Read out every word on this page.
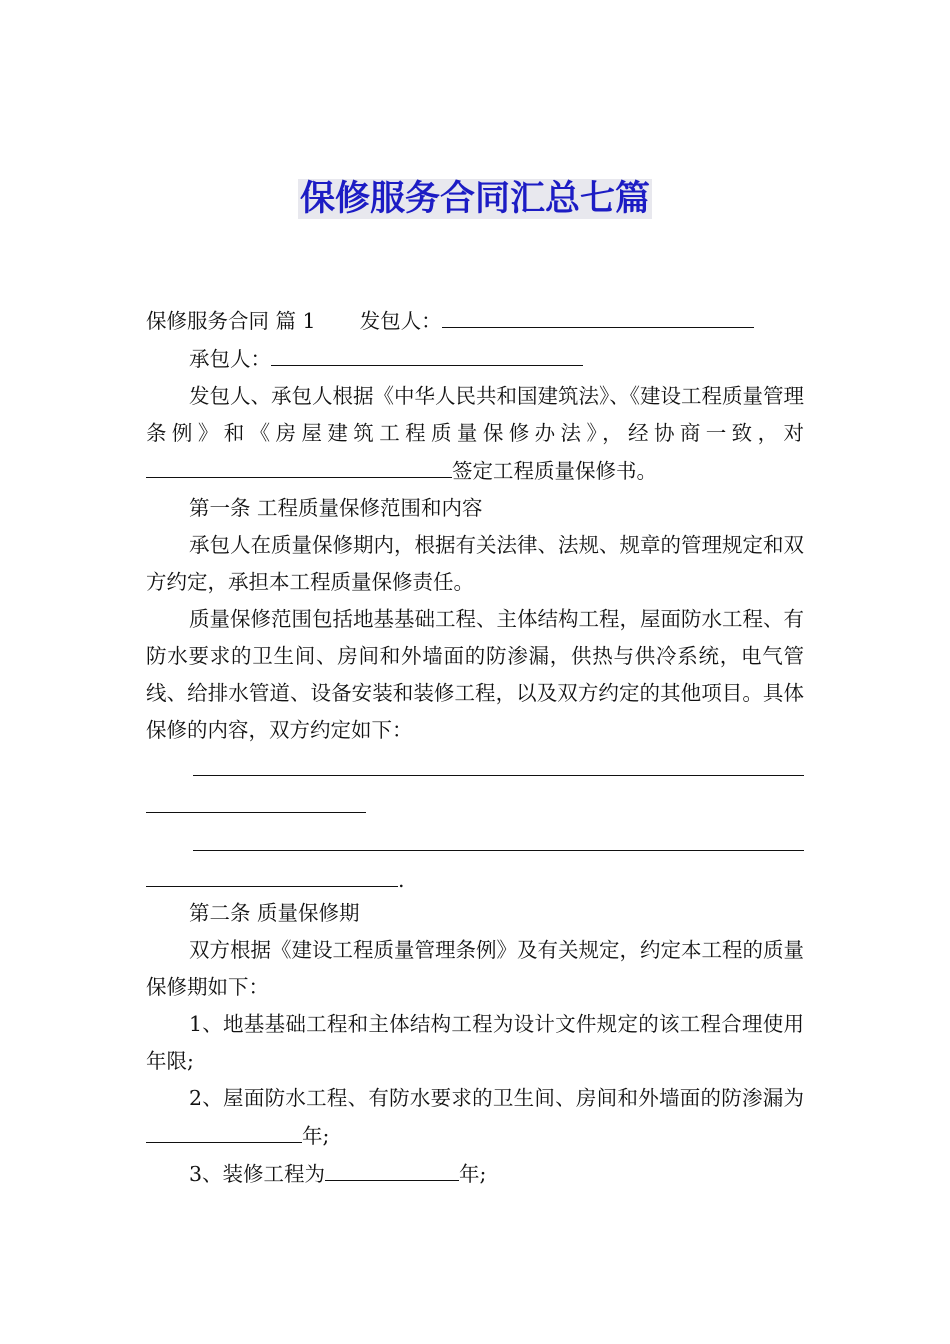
保修服务合同汇总七篇

保修服务合同 篇 1 发包人：

承包人：

发包人、承包人根据《中华人民共和国建筑法》、《建设工程质量管理条例》和《房屋建筑工程质量保修办法》，经协商一致，对签定工程质量保修书。

第一条 工程质量保修范围和内容

承包人在质量保修期内，根据有关法律、法规、规章的管理规定和双方约定，承担本工程质量保修责任。

质量保修范围包括地基基础工程、主体结构工程，屋面防水工程、有防水要求的卫生间、房间和外墙面的防渗漏，供热与供冷系统，电气管线、给排水管道、设备安装和装修工程，以及双方约定的其他项目。具体保修的内容，双方约定如下：

.

第二条 质量保修期

双方根据《建设工程质量管理条例》及有关规定，约定本工程的质量保修期如下：

1、地基基础工程和主体结构工程为设计文件规定的该工程合理使用年限;

2、屋面防水工程、有防水要求的卫生间、房间和外墙面的防渗漏为年;

3、装修工程为	年;
